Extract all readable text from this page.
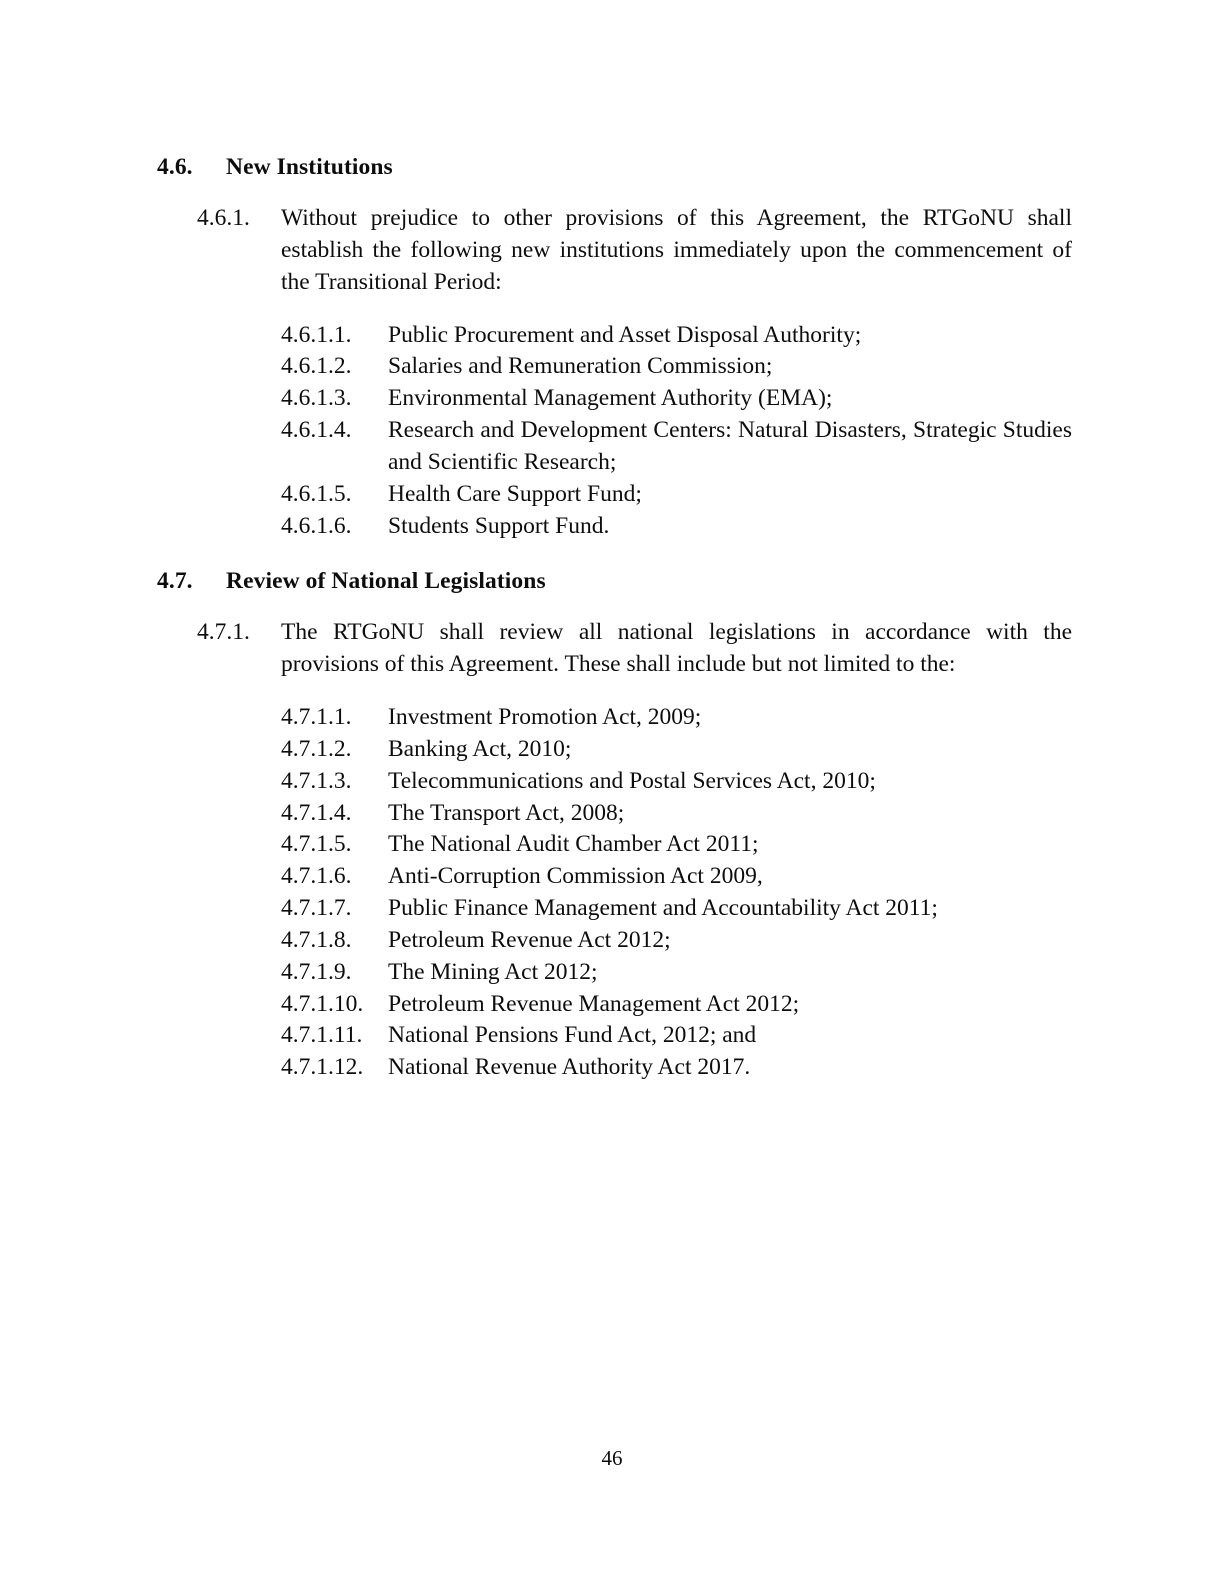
4.6.	New Institutions
4.6.1.	Without prejudice to other provisions of this Agreement, the RTGoNU shall establish the following new institutions immediately upon the commencement of the Transitional Period:
4.6.1.1.	Public Procurement and Asset Disposal Authority;
4.6.1.2.	Salaries and Remuneration Commission;
4.6.1.3.	Environmental Management Authority (EMA);
4.6.1.4.	Research and Development Centers: Natural Disasters, Strategic Studies and Scientific Research;
4.6.1.5.	Health Care Support Fund;
4.6.1.6.	Students Support Fund.
4.7.	Review of National Legislations
4.7.1.	The RTGoNU shall review all national legislations in accordance with the provisions of this Agreement. These shall include but not limited to the:
4.7.1.1.	Investment Promotion Act, 2009;
4.7.1.2.	Banking Act, 2010;
4.7.1.3.	Telecommunications and Postal Services Act, 2010;
4.7.1.4.	The Transport Act, 2008;
4.7.1.5.	The National Audit Chamber Act 2011;
4.7.1.6.	Anti-Corruption Commission Act 2009,
4.7.1.7.	Public Finance Management and Accountability Act 2011;
4.7.1.8.	Petroleum Revenue Act 2012;
4.7.1.9.	The Mining Act 2012;
4.7.1.10.	Petroleum Revenue Management Act 2012;
4.7.1.11.	National Pensions Fund Act, 2012; and
4.7.1.12.	National Revenue Authority Act 2017.
46
